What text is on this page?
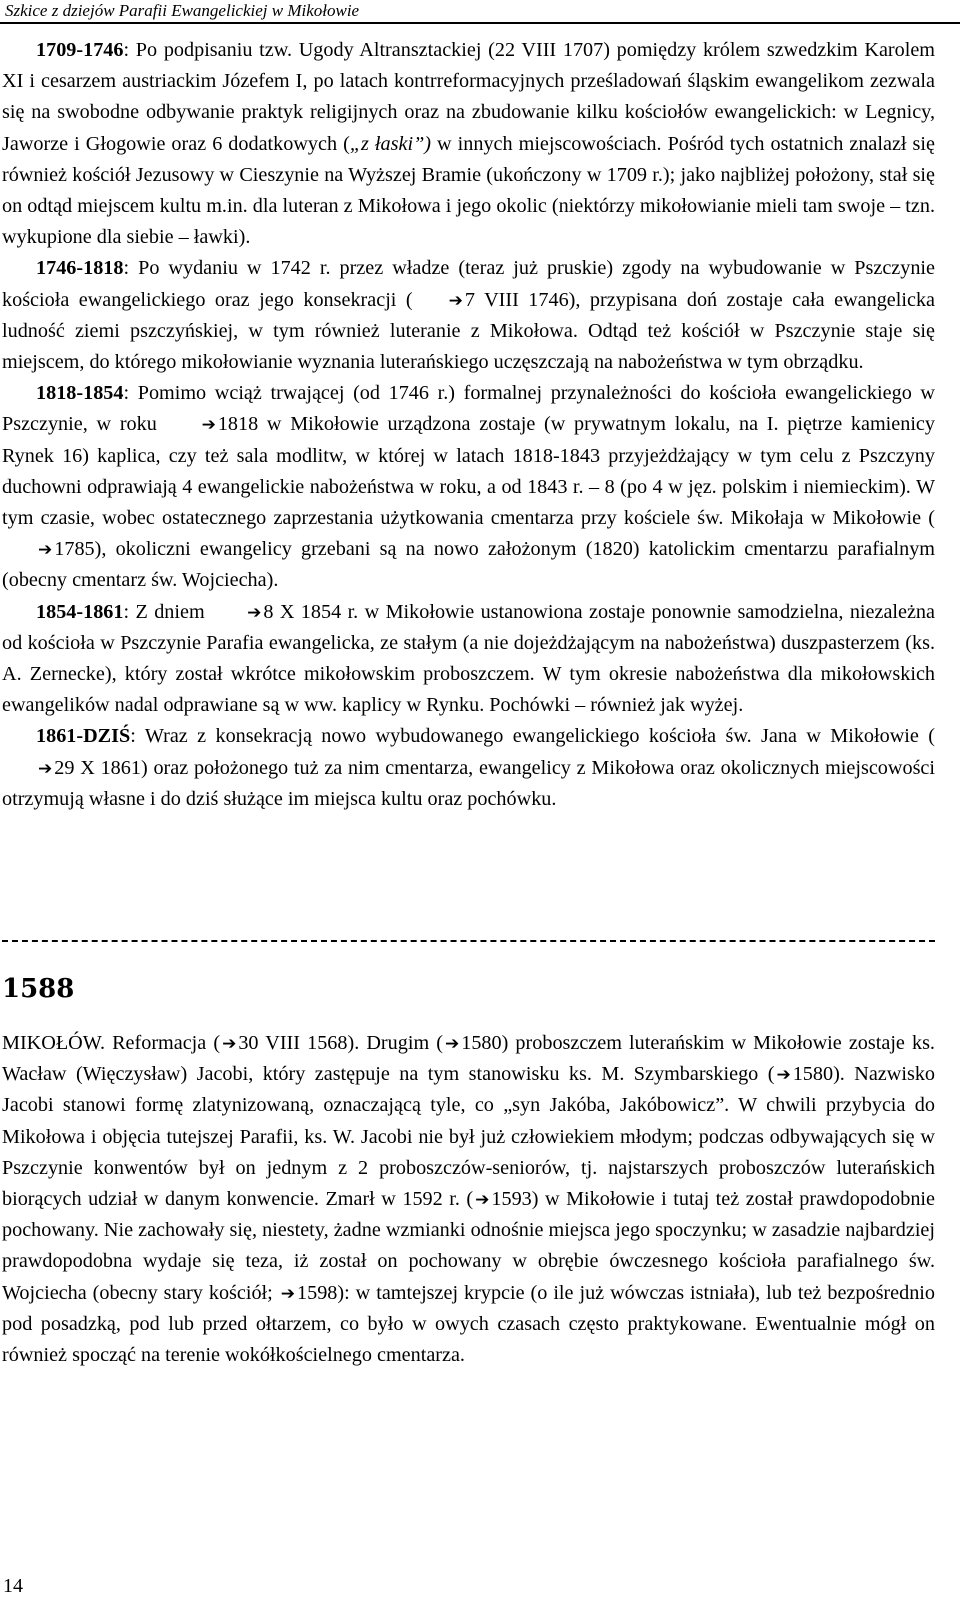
Szkice z dziejów Parafii Ewangelickiej w Mikołowie

1709-1746: Po podpisaniu tzw. Ugody Altransztackiej (22 VIII 1707) pomiędzy królem szwedzkim Karolem XI i cesarzem austriackim Józefem I, po latach kontrreformacyjnych prześladowań śląskim ewangelikom zezwala się na swobodne odbywanie praktyk religijnych oraz na zbudowanie kilku kościołów ewangelickich: w Legnicy, Jaworze i Głogowie oraz 6 dodatkowych („z łaski”) w innych miejscowościach. Pośród tych ostatnich znalazł się również kościół Jezusowy w Cieszynie na Wyższej Bramie (ukończony w 1709 r.); jako najbliżej położony, stał się on odtąd miejscem kultu m.in. dla luteran z Mikołowa i jego okolic (niektórzy mikołowianie mieli tam swoje – tzn. wykupione dla siebie – ławki).

1746-1818: Po wydaniu w 1742 r. przez władze (teraz już pruskie) zgody na wybudowanie w Pszczynie kościoła ewangelickiego oraz jego konsekracji ( ➔7 VIII 1746), przypisana doń zostaje cała ewangelicka ludność ziemi pszczyńskiej, w tym również luteranie z Mikołowa. Odtąd też kościół w Pszczynie staje się miejscem, do którego mikołowianie wyznania luterańskiego uczęszczają na nabożeństwa w tym obrządku.

1818-1854: Pomimo wciąż trwającej (od 1746 r.) formalnej przynależności do kościoła ewangelickiego w Pszczynie, w roku ➔1818 w Mikołowie urządzona zostaje (w prywatnym lokalu, na I. piętrze kamienicy Rynek 16) kaplica, czy też sala modlitw, w której w latach 1818-1843 przyjeżdżający w tym celu z Pszczyny duchowni odprawiają 4 ewangelickie nabożeństwa w roku, a od 1843 r. – 8 (po 4 w jęz. polskim i niemieckim). W tym czasie, wobec ostatecznego zaprzestania użytkowania cmentarza przy kościele św. Mikołaja w Mikołowie (➔1785), okoliczni ewangelicy grzebani są na nowo założonym (1820) katolickim cmentarzu parafialnym (obecny cmentarz św. Wojciecha).

1854-1861: Z dniem ➔8 X 1854 r. w Mikołowie ustanowiona zostaje ponownie samodzielna, niezależna od kościoła w Pszczynie Parafia ewangelicka, ze stałym (a nie dojeżdżającym na nabożeństwa) duszpasterzem (ks. A. Zernecke), który został wkrótce mikołowskim proboszczem. W tym okresie nabożeństwa dla mikołowskich ewangelików nadal odprawiane są w ww. kaplicy w Rynku. Pochówki – również jak wyżej.

1861-DZIŚ: Wraz z konsekracją nowo wybudowanego ewangelickiego kościoła św. Jana w Mikołowie (➔29 X 1861) oraz położonego tuż za nim cmentarza, ewangelicy z Mikołowa oraz okolicznych miejscowości otrzymują własne i do dziś służące im miejsca kultu oraz pochówku.

1588

MIKOŁÓW. Reformacja ( ➔30 VIII 1568). Drugim ( ➔1580) proboszczem luterańskim w Mikołowie zostaje ks. Wacław (Więczysław) Jacobi, który zastępuje na tym stanowisku ks. M. Szymbarskiego ( ➔1580). Nazwisko Jacobi stanowi formę zlatynizowaną, oznaczającą tyle, co „syn Jakóba, Jakóbowicz”. W chwili przybycia do Mikołowa i objęcia tutejszej Parafii, ks. W. Jacobi nie był już człowiekiem młodym; podczas odbywających się w Pszczynie konwentów był on jednym z 2 proboszczów-seniorów, tj. najstarszych proboszczów luterańskich biorących udział w danym konwencie. Zmarł w 1592 r. ( ➔1593) w Mikołowie i tutaj też został prawdopodobnie pochowany. Nie zachowały się, niestety, żadne wzmianki odnośnie miejsca jego spoczynku; w zasadzie najbardziej prawdopodobna wydaje się teza, iż został on pochowany w obrębie ówczesnego kościoła parafialnego św. Wojciecha (obecny stary kościół; ➔1598): w tamtejszej krypcie (o ile już wówczas istniała), lub też bezpośrednio pod posadzką, pod lub przed ołtarzem, co było w owych czasach często praktykowane. Ewentualnie mógł on również spocząć na terenie wokółkościelnego cmentarza.

14
